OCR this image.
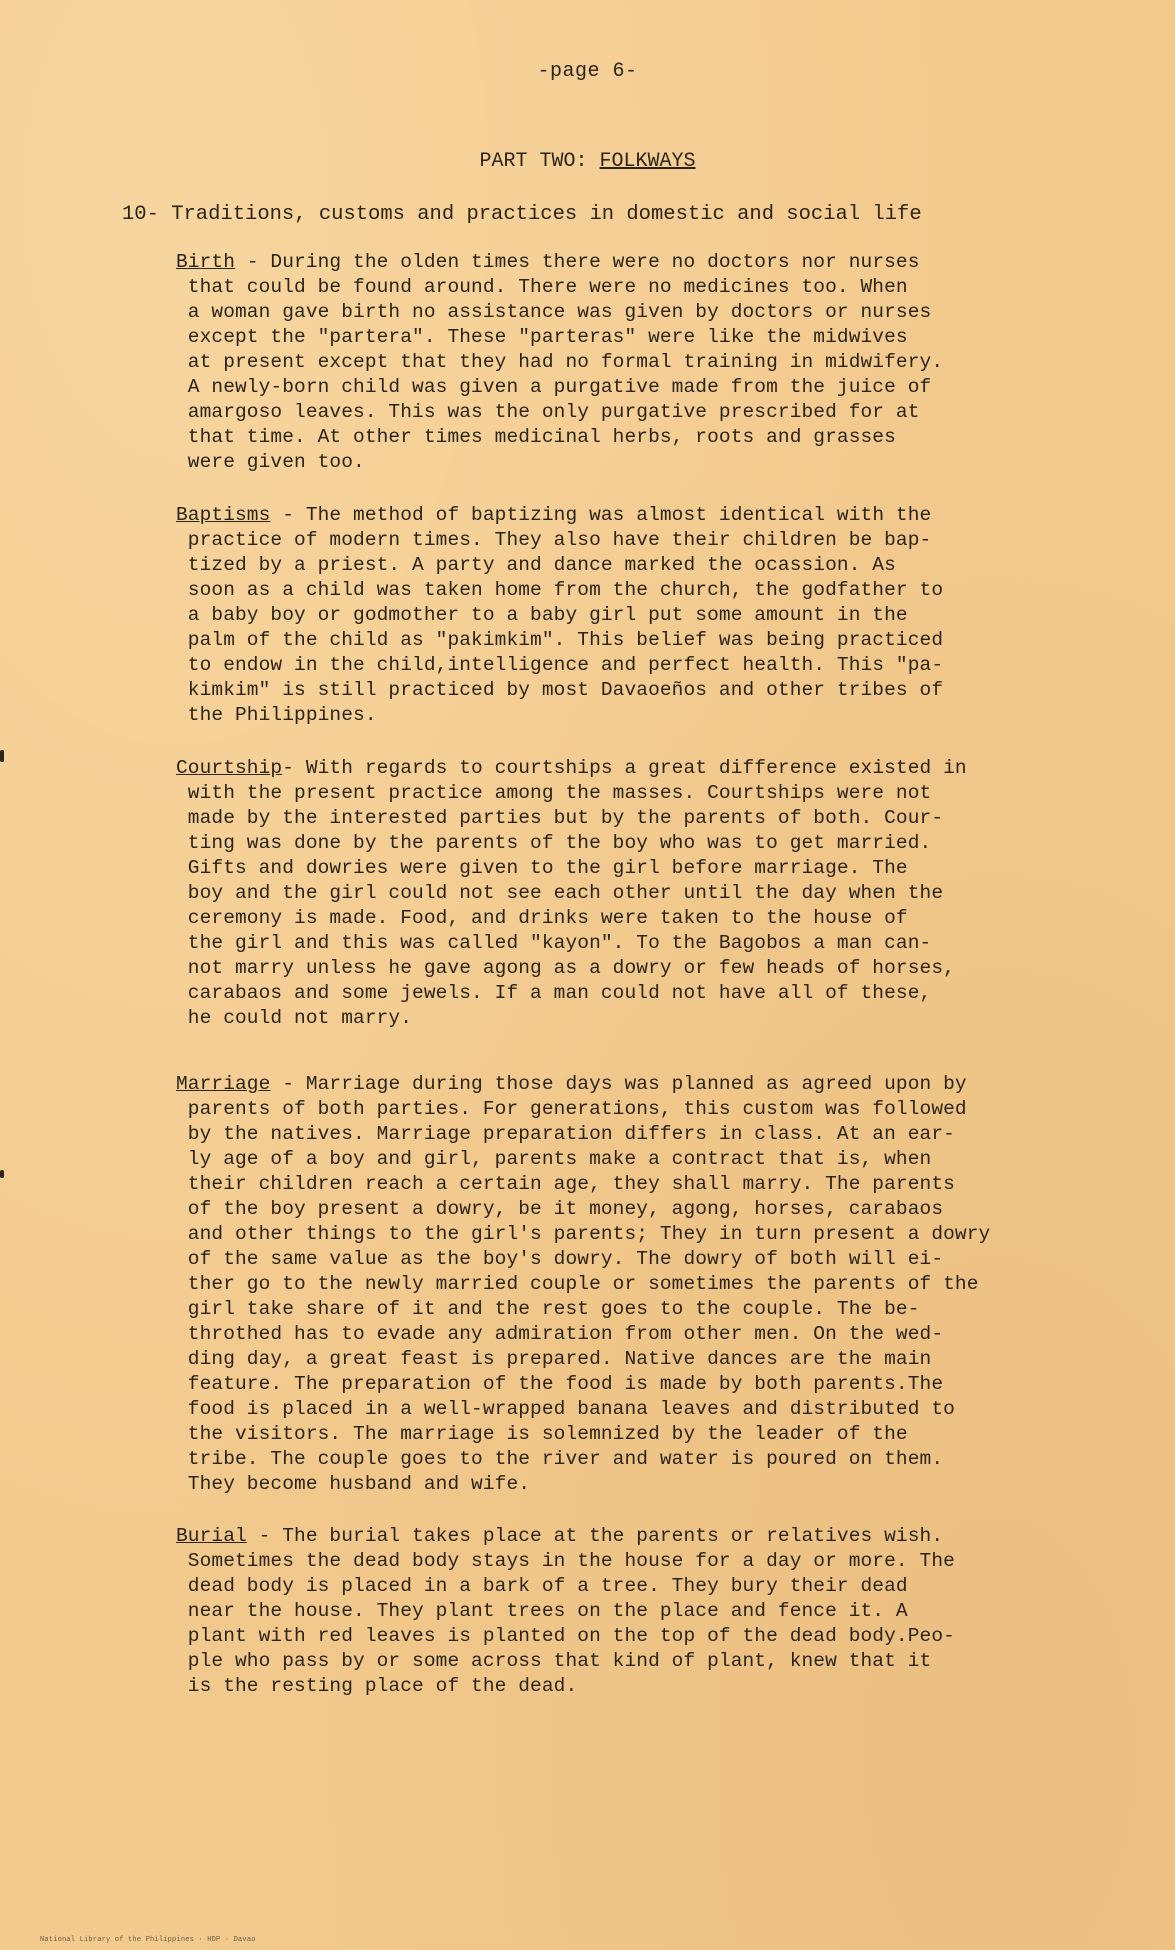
-page 6-
PART TWO: FOLKWAYS
10- Traditions, customs and practices in domestic and social life
Birth - During the olden times there were no doctors nor nurses
that could be found around. There were no medicines too. When
a woman gave birth no assistance was given by doctors or nurses
except the "partera". These "parteras" were like the midwives
at present except that they had no formal training in midwifery.
A newly-born child was given a purgative made from the juice of
amargoso leaves. This was the only purgative prescribed for at
that time. At other times medicinal herbs, roots and grasses
were given too.
Baptisms - The method of baptizing was almost identical with the
practice of modern times. They also have their children be bap-
tized by a priest. A party and dance marked the ocassion. As
soon as a child was taken home from the church, the godfather to
a baby boy or godmother to a baby girl put some amount in the
palm of the child as "pakimkim". This belief was being practiced
to endow in the child,intelligence and perfect health. This "pa-
kimkim" is still practiced by most Davaoeños and other tribes of
the Philippines.
Courtship- With regards to courtships a great difference existed in
with the present practice among the masses. Courtships were not
made by the interested parties but by the parents of both. Cour-
ting was done by the parents of the boy who was to get married.
Gifts and dowries were given to the girl before marriage. The
boy and the girl could not see each other until the day when the
ceremony is made. Food, and drinks were taken to the house of
the girl and this was called "kayon". To the Bagobos a man can-
not marry unless he gave agong as a dowry or few heads of horses,
carabaos and some jewels. If a man could not have all of these,
he could not marry.
Marriage - Marriage during those days was planned as agreed upon by
parents of both parties. For generations, this custom was followed
by the natives. Marriage preparation differs in class. At an ear-
ly age of a boy and girl, parents make a contract that is, when
their children reach a certain age, they shall marry. The parents
of the boy present a dowry, be it money, agong, horses, carabaos
and other things to the girl's parents; They in turn present a dowry
of the same value as the boy's dowry. The dowry of both will ei-
ther go to the newly married couple or sometimes the parents of the
girl take share of it and the rest goes to the couple. The be-
throthed has to evade any admiration from other men. On the wed-
ding day, a great feast is prepared. Native dances are the main
feature. The preparation of the food is made by both parents.The
food is placed in a well-wrapped banana leaves and distributed to
the visitors. The marriage is solemnized by the leader of the
tribe. The couple goes to the river and water is poured on them.
They become husband and wife.
Burial - The burial takes place at the parents or relatives wish.
Sometimes the dead body stays in the house for a day or more. The
dead body is placed in a bark of a tree. They bury their dead
near the house. They plant trees on the place and fence it. A
plant with red leaves is planted on the top of the dead body.Peo-
ple who pass by or some across that kind of plant, knew that it
is the resting place of the dead.
National Library of the Philippines · HDP · Davao
